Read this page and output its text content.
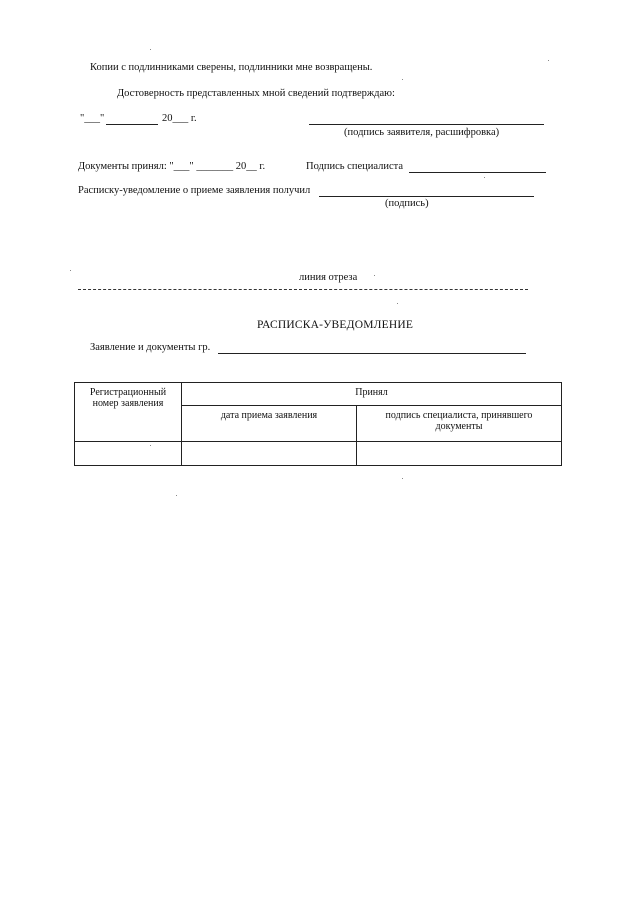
Копии с подлинниками сверены, подлинники мне возвращены.
Достоверность представленных мной сведений подтверждаю:
"___"	20___ г.
(подпись заявителя, расшифровка)
Документы принял: "___" _______ 20__ г.	Подпись специалиста
Расписку-уведомление о приеме заявления получил
(подпись)
линия отреза
РАСПИСКА-УВЕДОМЛЕНИЕ
Заявление и документы гр.
Регистрационный номер заявления	Принял	
	дата приема заявления	подпись специалиста, принявшего документы
